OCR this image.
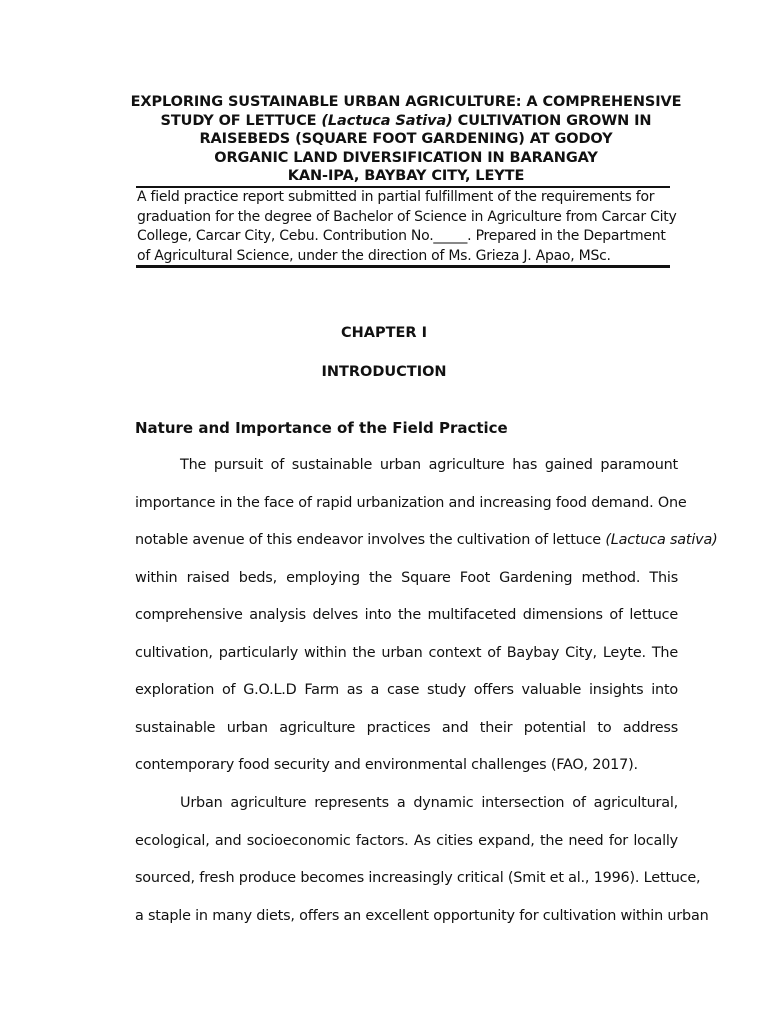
EXPLORING SUSTAINABLE URBAN AGRICULTURE: A COMPREHENSIVE
STUDY OF LETTUCE (Lactuca Sativa) CULTIVATION GROWN IN
RAISEBEDS (SQUARE FOOT GARDENING) AT GODOY
ORGANIC LAND DIVERSIFICATION IN BARANGAY
KAN-IPA, BAYBAY CITY, LEYTE
A field practice report submitted in partial fulfillment of the requirements for
graduation for the degree of Bachelor of Science in Agriculture from Carcar City
College, Carcar City, Cebu. Contribution No._____. Prepared in the Department
of Agricultural Science, under the direction of Ms. Grieza J. Apao, MSc.
CHAPTER I
INTRODUCTION
Nature and Importance of the Field Practice
The pursuit of sustainable urban agriculture has gained paramount
importance in the face of rapid urbanization and increasing food demand. One
notable avenue of this endeavor involves the cultivation of lettuce (Lactuca sativa)
within raised beds, employing the Square Foot Gardening method. This
comprehensive analysis delves into the multifaceted dimensions of lettuce
cultivation, particularly within the urban context of Baybay City, Leyte. The
exploration of G.O.L.D Farm as a case study offers valuable insights into
sustainable urban agriculture practices and their potential to address
contemporary food security and environmental challenges (FAO, 2017).
Urban agriculture represents a dynamic intersection of agricultural,
ecological, and socioeconomic factors. As cities expand, the need for locally
sourced, fresh produce becomes increasingly critical (Smit et al., 1996). Lettuce,
a staple in many diets, offers an excellent opportunity for cultivation within urban
